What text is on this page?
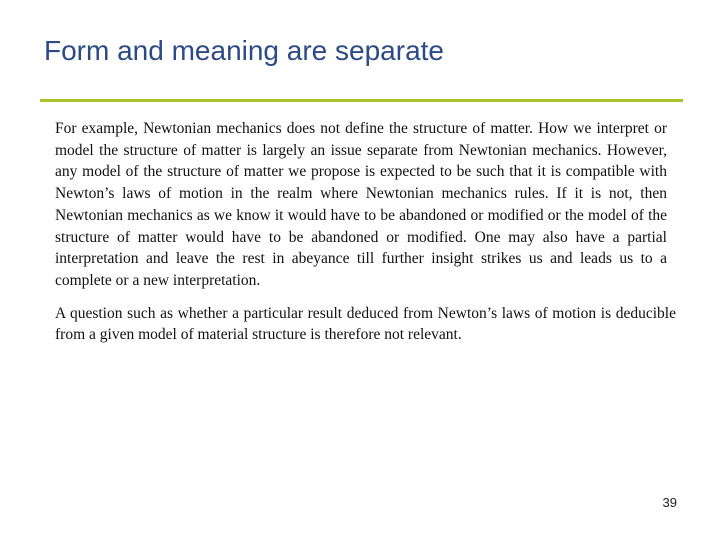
Form and meaning are separate

For example, Newtonian mechanics does not define the structure of matter. How we interpret or model the structure of matter is largely an issue separate from Newtonian mechanics. However, any model of the structure of matter we propose is expected to be such that it is compatible with Newton’s laws of motion in the realm where Newtonian mechanics rules. If it is not, then Newtonian mechanics as we know it would have to be abandoned or modified or the model of the structure of matter would have to be abandoned or modified. One may also have a partial interpretation and leave the rest in abeyance till further insight strikes us and leads us to a complete or a new interpretation.

A question such as whether a particular result deduced from Newton’s laws of motion is deducible from a given model of material structure is therefore not relevant.

39
